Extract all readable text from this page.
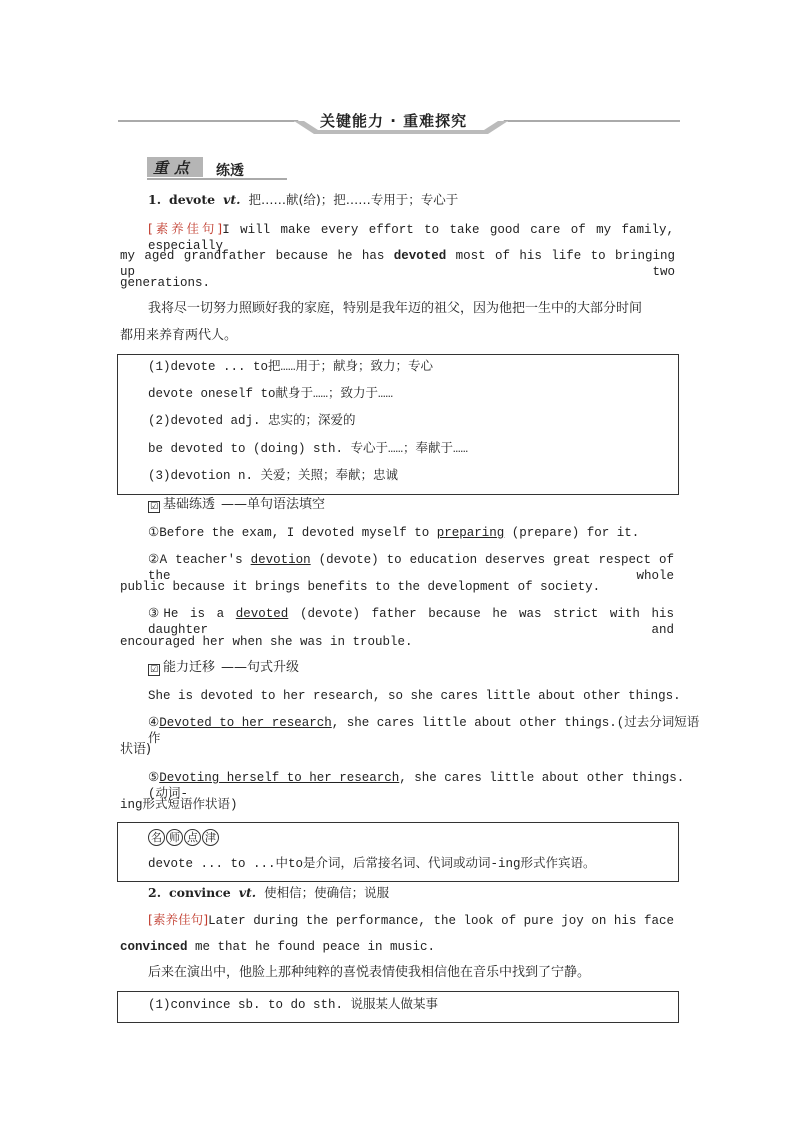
关键能力 · 重难探究
重点 练透
1. devote vt. 把……献(给)；把……专用于；专心于
[素养佳句]I will make every effort to take good care of my family, especially
my aged grandfather because he has devoted most of his life to bringing up two
generations.
我将尽一切努力照顾好我的家庭，特别是我年迈的祖父，因为他把一生中的大部分时间
都用来养育两代人。
(1)devote ... to把……用于；献身；致力；专心
devote oneself to献身于……；致力于……
(2)devoted adj. 忠实的；深爱的
be devoted to (doing) sth. 专心于……；奉献于……
(3)devotion n. 关爱；关照；奉献；忠诚
☑ 基础练透 ——单句语法填空
①Before the exam, I devoted myself to preparing (prepare) for it.
②A teacher's devotion (devote) to education deserves great respect of the whole
public because it brings benefits to the development of society.
③He is a devoted (devote) father because he was strict with his daughter and
encouraged her when she was in trouble.
☑ 能力迁移 ——句式升级
She is devoted to her research, so she cares little about other things.
④Devoted to her research, she cares little about other things.(过去分词短语作
状语)
⑤Devoting herself to her research, she cares little about other things.(动词-
ing形式短语作状语)
名 师 点 津
devote ... to ...中to是介词，后常接名词、代词或动词-ing形式作宾语。
2. convince vt. 使相信；使确信；说服
[素养佳句]Later during the performance, the look of pure joy on his face
convinced me that he found peace in music.
后来在演出中，他脸上那种纯粹的喜悦表情使我相信他在音乐中找到了宁静。
(1)convince sb. to do sth. 说服某人做某事
